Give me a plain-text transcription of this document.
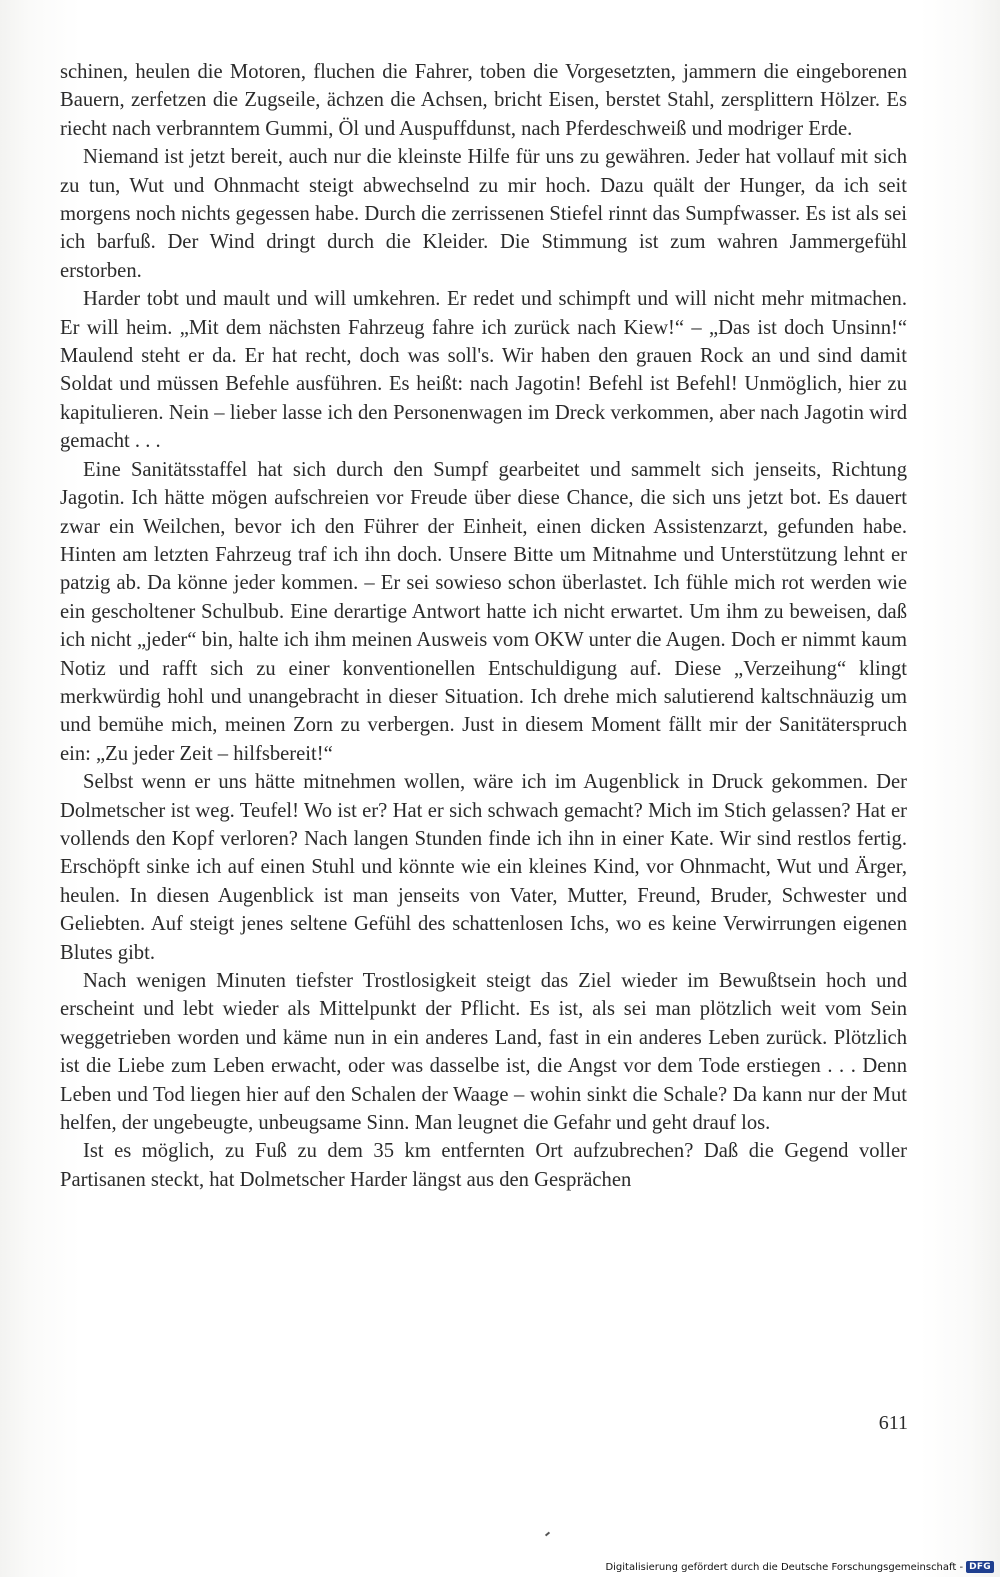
schinen, heulen die Motoren, fluchen die Fahrer, toben die Vorgesetzten, jammern die eingeborenen Bauern, zerfetzen die Zugseile, ächzen die Achsen, bricht Eisen, berstet Stahl, zersplittern Hölzer. Es riecht nach verbranntem Gummi, Öl und Auspuffdunst, nach Pferdeschweiß und modriger Erde.

Niemand ist jetzt bereit, auch nur die kleinste Hilfe für uns zu gewähren. Jeder hat vollauf mit sich zu tun, Wut und Ohnmacht steigt abwechselnd zu mir hoch. Dazu quält der Hunger, da ich seit morgens noch nichts gegessen habe. Durch die zerrissenen Stiefel rinnt das Sumpfwasser. Es ist als sei ich barfuß. Der Wind dringt durch die Kleider. Die Stimmung ist zum wahren Jammergefühl erstorben.

Harder tobt und mault und will umkehren. Er redet und schimpft und will nicht mehr mitmachen. Er will heim. „Mit dem nächsten Fahrzeug fahre ich zurück nach Kiew!“ – „Das ist doch Unsinn!“ Maulend steht er da. Er hat recht, doch was soll's. Wir haben den grauen Rock an und sind damit Soldat und müssen Befehle ausführen. Es heißt: nach Jagotin! Befehl ist Befehl! Unmöglich, hier zu kapitulieren. Nein – lieber lasse ich den Personenwagen im Dreck verkommen, aber nach Jagotin wird gemacht . . .

Eine Sanitätsstaffel hat sich durch den Sumpf gearbeitet und sammelt sich jenseits, Richtung Jagotin. Ich hätte mögen aufschreien vor Freude über diese Chance, die sich uns jetzt bot. Es dauert zwar ein Weilchen, bevor ich den Führer der Einheit, einen dicken Assistenzarzt, gefunden habe. Hinten am letzten Fahrzeug traf ich ihn doch. Unsere Bitte um Mitnahme und Unterstützung lehnt er patzig ab. Da könne jeder kommen. – Er sei sowieso schon überlastet. Ich fühle mich rot werden wie ein gescholtener Schulbub. Eine derartige Antwort hatte ich nicht erwartet. Um ihm zu beweisen, daß ich nicht „jeder“ bin, halte ich ihm meinen Ausweis vom OKW unter die Augen. Doch er nimmt kaum Notiz und rafft sich zu einer konventionellen Entschuldigung auf. Diese „Verzeihung“ klingt merkwürdig hohl und unangebracht in dieser Situation. Ich drehe mich salutierend kaltschnäuzig um und bemühe mich, meinen Zorn zu verbergen. Just in diesem Moment fällt mir der Sanitäterspruch ein: „Zu jeder Zeit – hilfsbereit!“

Selbst wenn er uns hätte mitnehmen wollen, wäre ich im Augenblick in Druck gekommen. Der Dolmetscher ist weg. Teufel! Wo ist er? Hat er sich schwach gemacht? Mich im Stich gelassen? Hat er vollends den Kopf verloren? Nach langen Stunden finde ich ihn in einer Kate. Wir sind restlos fertig. Erschöpft sinke ich auf einen Stuhl und könnte wie ein kleines Kind, vor Ohnmacht, Wut und Ärger, heulen. In diesen Augenblick ist man jenseits von Vater, Mutter, Freund, Bruder, Schwester und Geliebten. Auf steigt jenes seltene Gefühl des schattenlosen Ichs, wo es keine Verwirrungen eigenen Blutes gibt.

Nach wenigen Minuten tiefster Trostlosigkeit steigt das Ziel wieder im Bewußtsein hoch und erscheint und lebt wieder als Mittelpunkt der Pflicht. Es ist, als sei man plötzlich weit vom Sein weggetrieben worden und käme nun in ein anderes Land, fast in ein anderes Leben zurück. Plötzlich ist die Liebe zum Leben erwacht, oder was dasselbe ist, die Angst vor dem Tode erstiegen . . . Denn Leben und Tod liegen hier auf den Schalen der Waage – wohin sinkt die Schale? Da kann nur der Mut helfen, der ungebeugte, unbeugsame Sinn. Man leugnet die Gefahr und geht drauf los.

Ist es möglich, zu Fuß zu dem 35 km entfernten Ort aufzubrechen? Daß die Gegend voller Partisanen steckt, hat Dolmetscher Harder längst aus den Gesprächen

611
Digitalisierung gefördert durch die Deutsche Forschungsgemeinschaft - DFG
